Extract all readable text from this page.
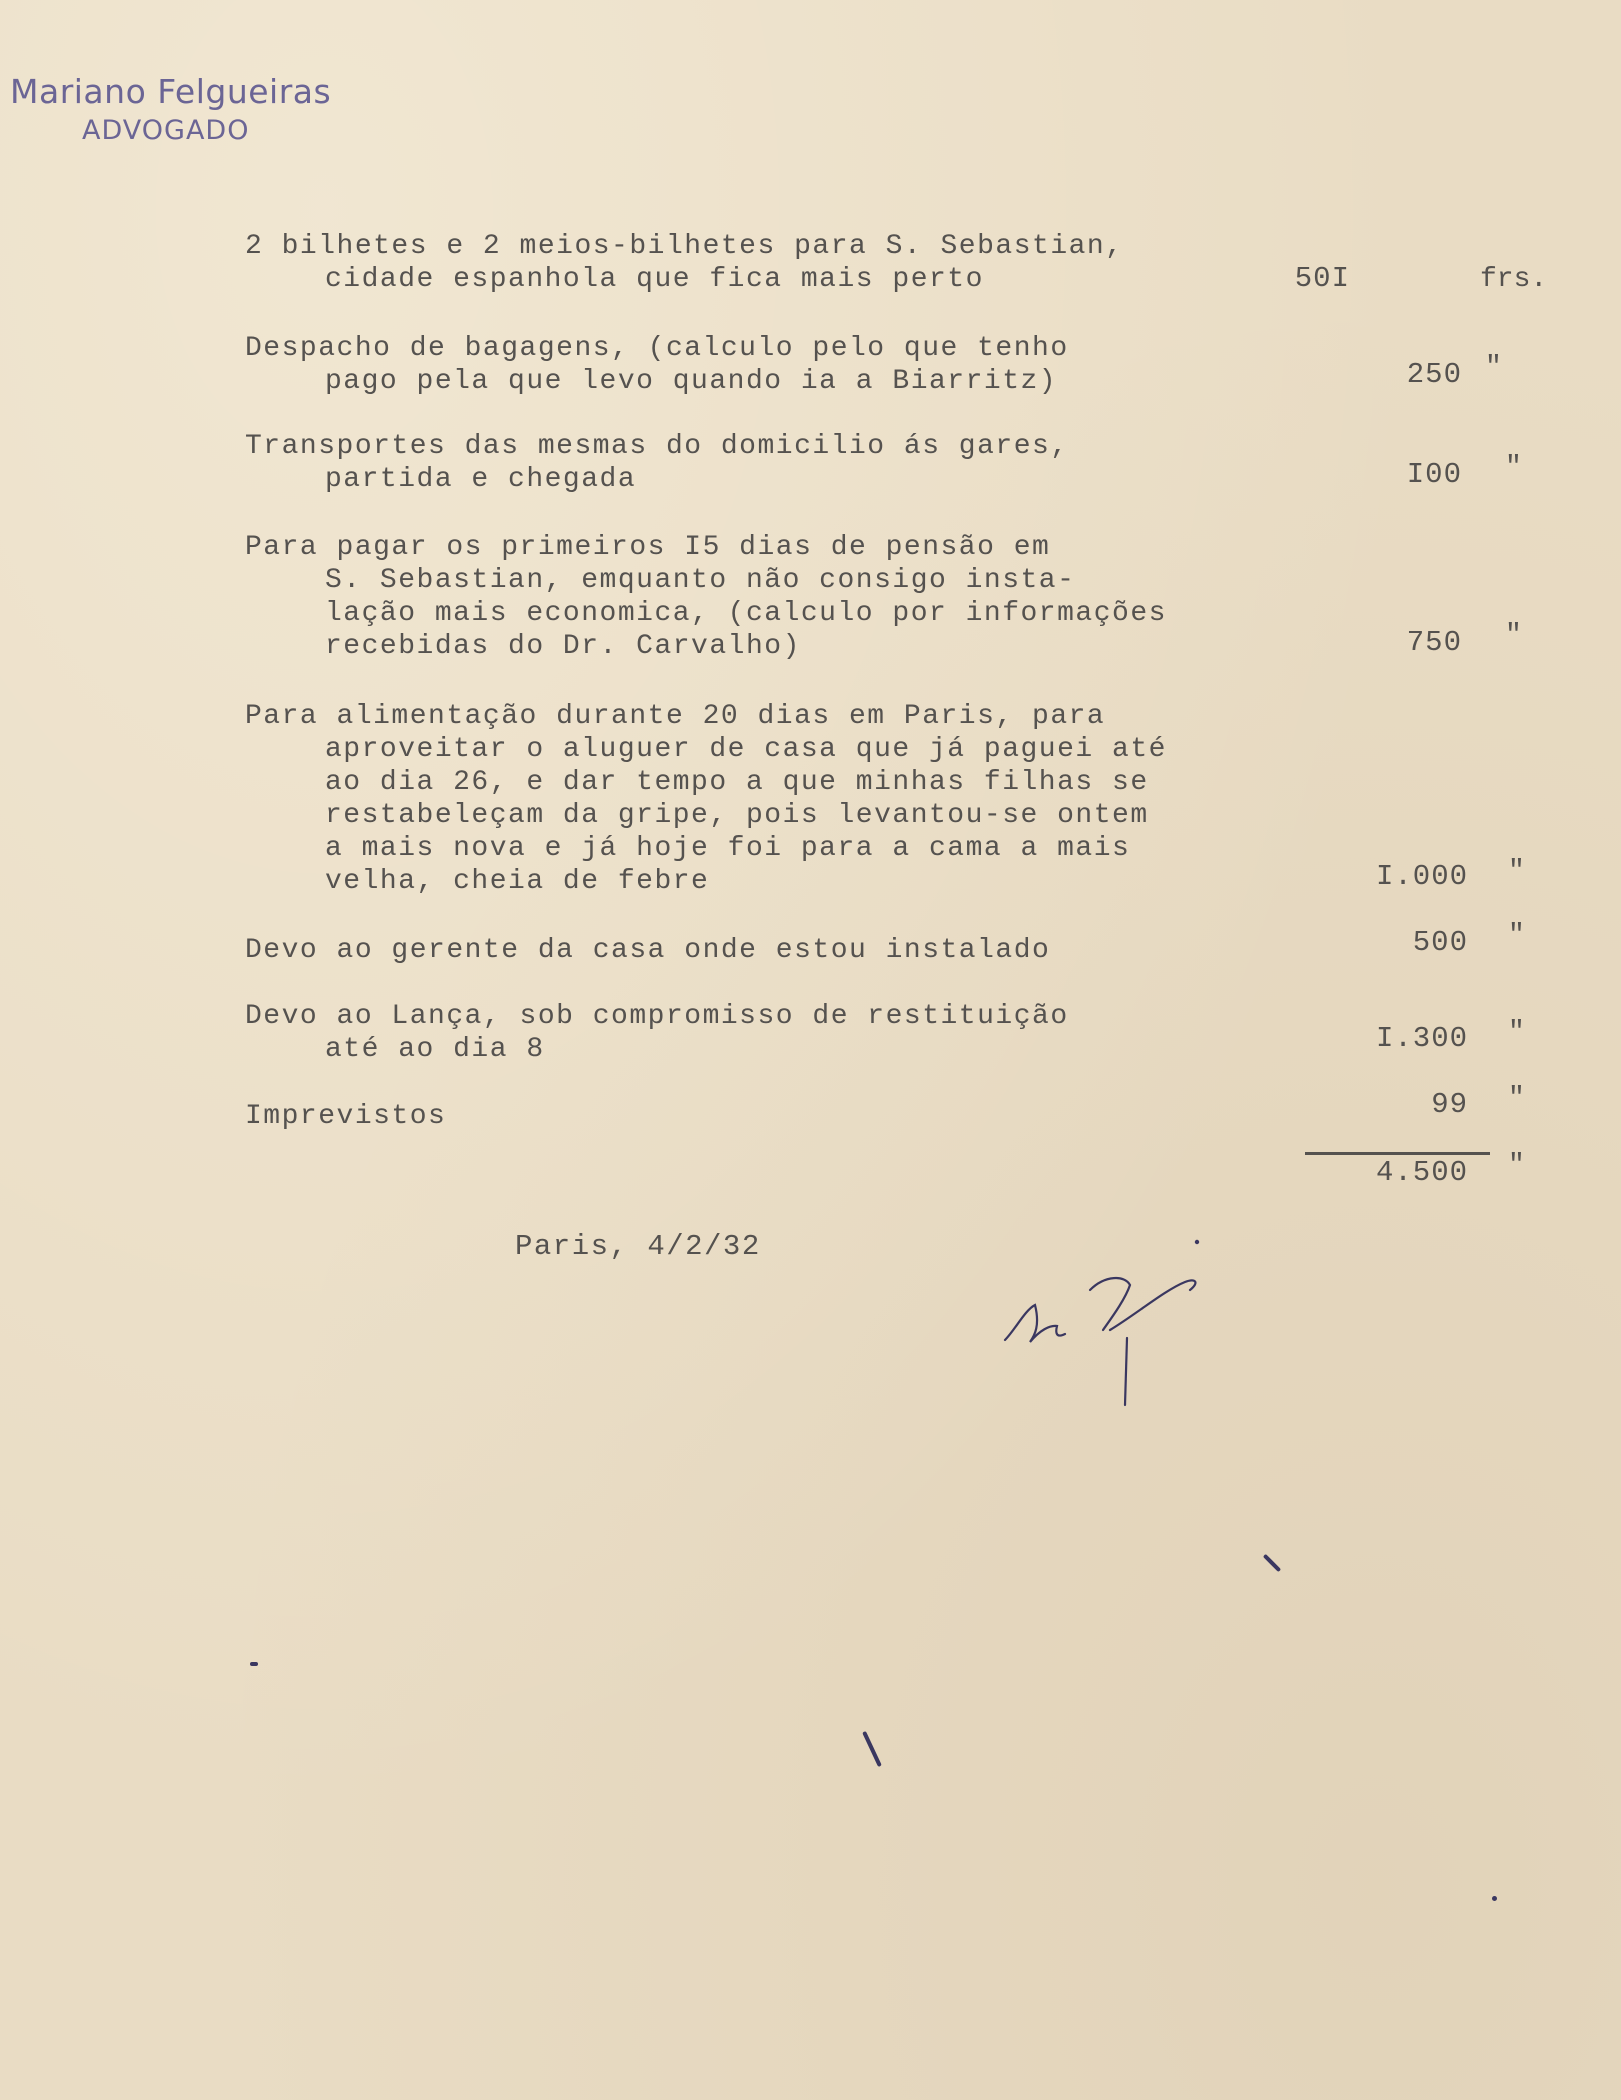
Mariano Felgueiras
ADVOGADO
2 bilhetes e 2 meios-bilhetes para S. Sebastian,
cidade espanhola que fica mais perto	50I	frs.
Despacho de bagagens, (calculo pelo que tenho
pago pela que levo quando ia a Biarritz)	250 "
Transportes das mesmas do domicilio ás gares,
partida e chegada	I00 "
Para pagar os primeiros I5 dias de pensão em
S. Sebastian, emquanto não consigo insta-
lação mais economica, (calculo por informações
recebidas do Dr. Carvalho)	750 "
Para alimentação durante 20 dias em Paris, para
aproveitar o aluguer de casa que já paguei até
ao dia 26, e dar tempo a que minhas filhas se
restabeleçam da gripe, pois levantou-se ontem
a mais nova e já hoje foi para a cama a mais
velha, cheia de febre	I.000 "
Devo ao gerente da casa onde estou instalado	500 "
Devo ao Lança, sob compromisso de restituição
até ao dia 8	I.300 "
Imprevistos	99 "
4.500 "
Paris, 4/2/32
